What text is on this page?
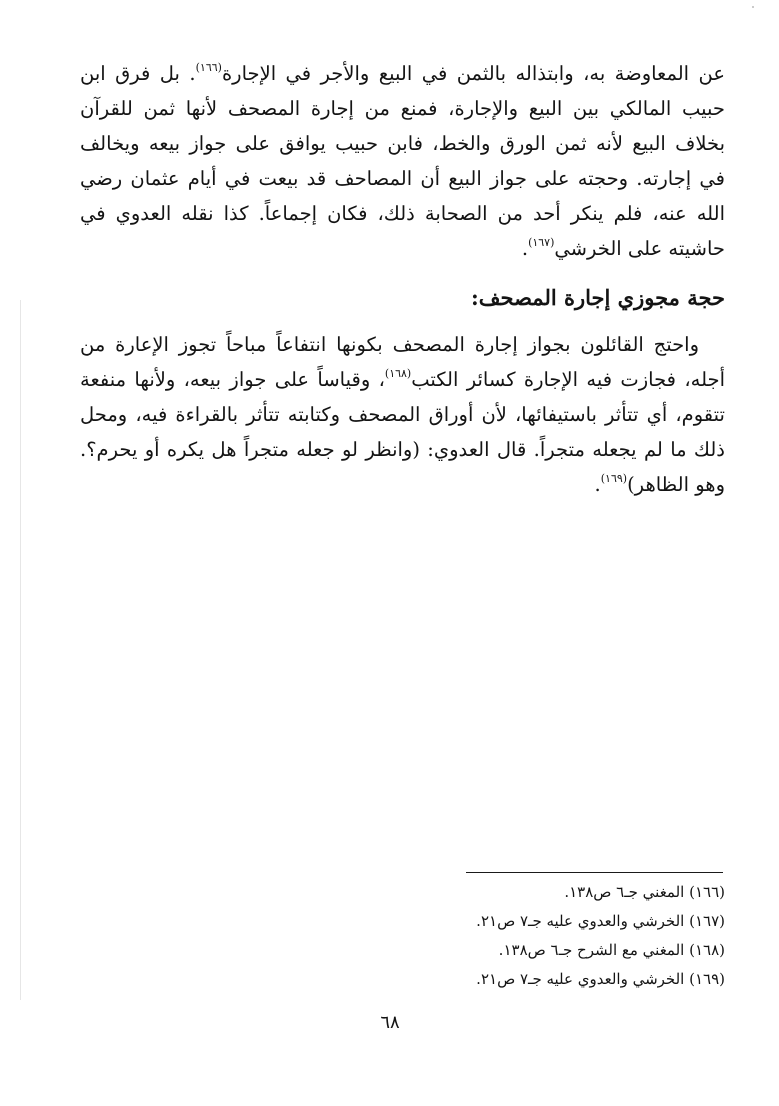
عن المعاوضة به، وابتذاله بالثمن في البيع والأجر في الإجارة$^{(١٦٦)}$. بل فرق ابن
حبيب المالكي بين البيع والإجارة، فمنع من إجارة المصحف لأنها ثمن للقرآن
بخلاف البيع لأنه ثمن الورق والخط، فابن حبيب يوافق على جواز بيعه ويخالف
في إجارته. وحجته على جواز البيع أن المصاحف قد بيعت في أيام عثمان رضي
الله عنه، فلم ينكر أحد من الصحابة ذلك، فكان إجماعاً. كذا نقله العدوي في
حاشيته على الخرشي$^{(١٦٧)}$.
حجة مجوزي إجارة المصحف:
واحتج القائلون بجواز إجارة المصحف بكونها انتفاعاً مباحاً تجوز الإعارة من
أجله، فجازت فيه الإجارة كسائر الكتب$^{(١٦٨)}$، وقياساً على جواز بيعه، ولأنها منفعة
تتقوم، أي تتأثر باستيفائها، لأن أوراق المصحف وكتابته تتأثر بالقراءة فيه، ومحل
ذلك ما لم يجعله متجراً. قال العدوي: (وانظر لو جعله متجراً هل يكره أو يحرم؟.
وهو الظاهر)$^{(١٦٩)}$.
(١٦٦) المغني جـ٦ ص١٣٨.
(١٦٧) الخرشي والعدوي عليه جـ٧ ص٢١.
(١٦٨) المغني مع الشرح جـ٦ ص١٣٨.
(١٦٩) الخرشي والعدوي عليه جـ٧ ص٢١.
٦٨
